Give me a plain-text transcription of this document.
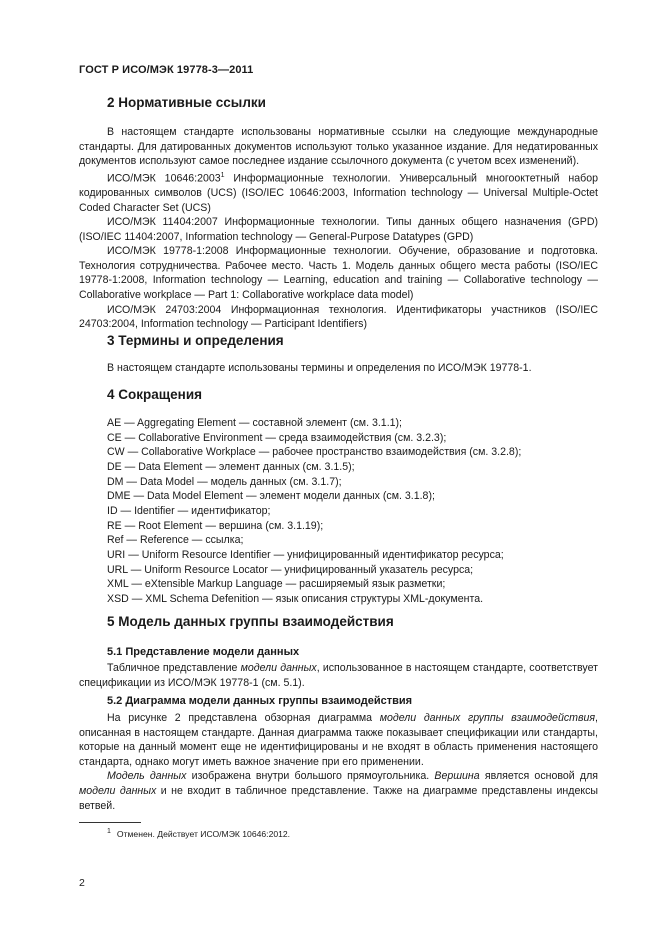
ГОСТ Р ИСО/МЭК 19778-3—2011
2 Нормативные ссылки

В настоящем стандарте использованы нормативные ссылки на следующие международные стандарты. Для датированных документов используют только указанное издание. Для недатированных документов используют самое последнее издание ссылочного документа (с учетом всех изменений).

ИСО/МЭК 10646:2003$^1$ Информационные технологии. Универсальный многооктетный набор кодированных символов (UCS) (ISO/IEC 10646:2003, Information technology — Universal Multiple-Octet Coded Character Set (UCS)

ИСО/МЭК 11404:2007 Информационные технологии. Типы данных общего назначения (GPD) (ISO/IEC 11404:2007, Information technology — General-Purpose Datatypes (GPD)

ИСО/МЭК 19778-1:2008 Информационные технологии. Обучение, образование и подготовка. Технология сотрудничества. Рабочее место. Часть 1. Модель данных общего места работы (ISO/IEC 19778-1:2008, Information technology — Learning, education and training — Collaborative technology — Collaborative workplace — Part 1: Collaborative workplace data model)

ИСО/МЭК 24703:2004 Информационная технология. Идентификаторы участников (ISO/IEC 24703:2004, Information technology — Participant Identifiers)

3 Термины и определения

В настоящем стандарте использованы термины и определения по ИСО/МЭК 19778-1.

4 Сокращения
AE — Aggregating Element — составной элемент (см. 3.1.1);
CE — Collaborative Environment — среда взаимодействия (см. 3.2.3);
CW — Collaborative Workplace — рабочее пространство взаимодействия (см. 3.2.8);
DE — Data Element — элемент данных (см. 3.1.5);
DM — Data Model — модель данных (см. 3.1.7);
DME — Data Model Element — элемент модели данных (см. 3.1.8);
ID — Identifier — идентификатор;
RE — Root Element — вершина (см. 3.1.19);
Ref — Reference — ссылка;
URI — Uniform Resource Identifier — унифицированный идентификатор ресурса;
URL — Uniform Resource Locator — унифицированный указатель ресурса;
XML — eXtensible Markup Language — расширяемый язык разметки;
XSD — XML Schema Defenition — язык описания структуры XML-документа.
5 Модель данных группы взаимодействия
5.1 Представление модели данных

Табличное представление модели данных, использованное в настоящем стандарте, соответствует спецификации из ИСО/МЭК 19778-1 (см. 5.1).

5.2 Диаграмма модели данных группы взаимодействия

На рисунке 2 представлена обзорная диаграмма модели данных группы взаимодействия, описанная в настоящем стандарте. Данная диаграмма также показывает спецификации или стандарты, которые на данный момент еще не идентифицированы и не входят в область применения настоящего стандарта, однако могут иметь важное значение при его применении.

Модель данных изображена внутри большого прямоугольника. Вершина является основой для модели данных и не входит в табличное представление. Также на диаграмме представлены индексы ветвей.

$^1$ Отменен. Действует ИСО/МЭК 10646:2012.
2
